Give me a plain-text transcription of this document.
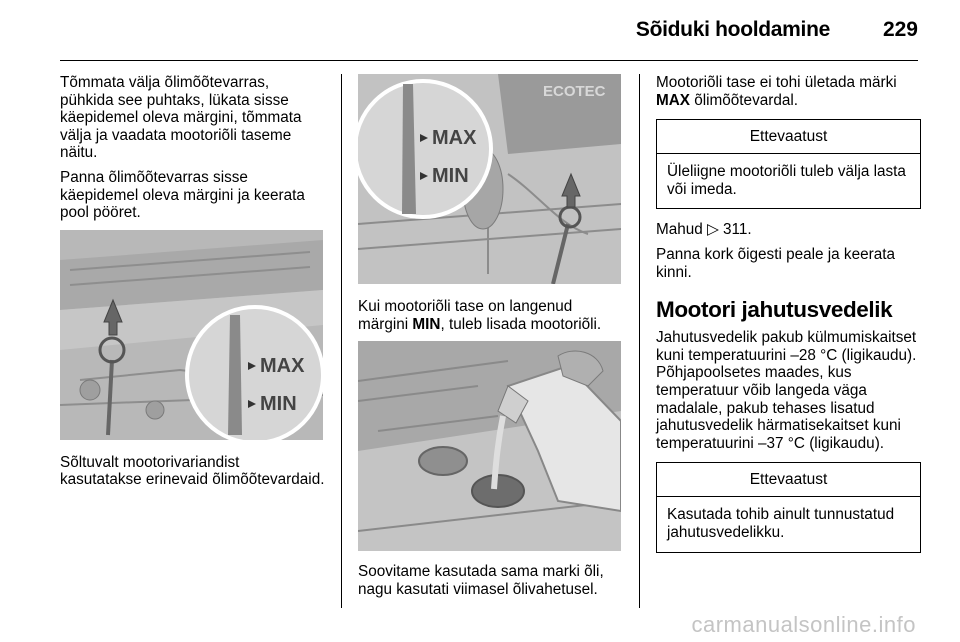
Sõiduki hooldamine	229

Tõmmata välja õlimõõtevarras, pühkida see puhtaks, lükata sisse käepidemel oleva märgini, tõmmata välja ja vaadata mootoriõli taseme näitu.

Panna õlimõõtevarras sisse käepidemel oleva märgini ja keerata pool pööret.

MAX
MIN

Sõltuvalt mootorivariandist kasutatakse erinevaid õlimõõtevardaid.

ECOTEC
MAX
MIN

Kui mootoriõli tase on langenud märgini MIN, tuleb lisada mootoriõli.

Soovitame kasutada sama marki õli, nagu kasutati viimasel õlivahetusel.

Mootoriõli tase ei tohi ületada märki MAX õlimõõtevardal.

Ettevaatust
Üleliigne mootoriõli tuleb välja lasta või imeda.

Mahud ▷ 311.

Panna kork õigesti peale ja keerata kinni.

Mootori jahutusvedelik

Jahutusvedelik pakub külmumiskaitset kuni temperatuurini –28 °C (ligikaudu). Põhjapoolsetes maades, kus temperatuur võib langeda väga madalale, pakub tehases lisatud jahutusvedelik härmatisekaitset kuni temperatuurini –37 °C (ligikaudu).

Ettevaatust
Kasutada tohib ainult tunnustatud jahutusvedelikku.
carmanualsonline.info
